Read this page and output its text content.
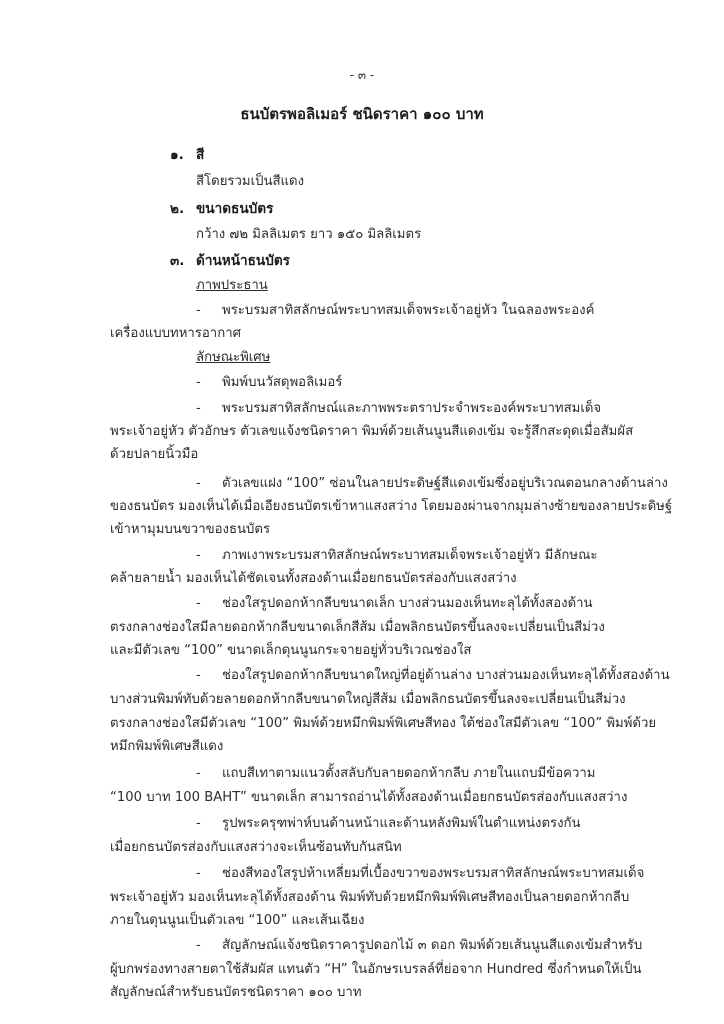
- ๓ -
ธนบัตรพอลิเมอร์ ชนิดราคา ๑๐๐ บาท
๑. สี
สีโดยรวมเป็นสีแดง
๒. ขนาดธนบัตร
กว้าง ๗๒ มิลลิเมตร ยาว ๑๕๐ มิลลิเมตร
๓. ด้านหน้าธนบัตร
ภาพประธาน
- พระบรมสาทิสลักษณ์พระบาทสมเด็จพระเจ้าอยู่หัว ในฉลองพระองค์
เครื่องแบบทหารอากาศ
ลักษณะพิเศษ
- พิมพ์บนวัสดุพอลิเมอร์
- พระบรมสาทิสลักษณ์และภาพพระตราประจำพระองค์พระบาทสมเด็จ
พระเจ้าอยู่หัว ตัวอักษร ตัวเลขแจ้งชนิดราคา พิมพ์ด้วยเส้นนูนสีแดงเข้ม จะรู้สึกสะดุดเมื่อสัมผัส
ด้วยปลายนิ้วมือ
- ตัวเลขแฝง “100” ซ่อนในลายประดิษฐ์สีแดงเข้มซึ่งอยู่บริเวณตอนกลางด้านล่าง
ของธนบัตร มองเห็นได้เมื่อเอียงธนบัตรเข้าหาแสงสว่าง โดยมองผ่านจากมุมล่างซ้ายของลายประดิษฐ์
เข้าหามุมบนขวาของธนบัตร
- ภาพเงาพระบรมสาทิสลักษณ์พระบาทสมเด็จพระเจ้าอยู่หัว มีลักษณะ
คล้ายลายน้ำ มองเห็นได้ชัดเจนทั้งสองด้านเมื่อยกธนบัตรส่องกับแสงสว่าง
- ช่องใสรูปดอกห้ากลีบขนาดเล็ก บางส่วนมองเห็นทะลุได้ทั้งสองด้าน
ตรงกลางช่องใสมีลายดอกห้ากลีบขนาดเล็กสีส้ม เมื่อพลิกธนบัตรขึ้นลงจะเปลี่ยนเป็นสีม่วง
และมีตัวเลข “100” ขนาดเล็กดุนนูนกระจายอยู่ทั่วบริเวณช่องใส
- ช่องใสรูปดอกห้ากลีบขนาดใหญ่ที่อยู่ด้านล่าง บางส่วนมองเห็นทะลุได้ทั้งสองด้าน
บางส่วนพิมพ์ทับด้วยลายดอกห้ากลีบขนาดใหญ่สีส้ม เมื่อพลิกธนบัตรขึ้นลงจะเปลี่ยนเป็นสีม่วง
ตรงกลางช่องใสมีตัวเลข “100” พิมพ์ด้วยหมึกพิมพ์พิเศษสีทอง ใต้ช่องใสมีตัวเลข “100” พิมพ์ด้วย
หมึกพิมพ์พิเศษสีแดง
- แถบสีเทาตามแนวตั้งสลับกับลายดอกห้ากลีบ ภายในแถบมีข้อความ
“100 บาท 100 BAHT” ขนาดเล็ก สามารถอ่านได้ทั้งสองด้านเมื่อยกธนบัตรส่องกับแสงสว่าง
- รูปพระครุฑพ่าห์บนด้านหน้าและด้านหลังพิมพ์ในตำแหน่งตรงกัน
เมื่อยกธนบัตรส่องกับแสงสว่างจะเห็นซ้อนทับกันสนิท
- ช่องสีทองใสรูปห้าเหลี่ยมที่เบื้องขวาของพระบรมสาทิสลักษณ์พระบาทสมเด็จ
พระเจ้าอยู่หัว มองเห็นทะลุได้ทั้งสองด้าน พิมพ์ทับด้วยหมึกพิมพ์พิเศษสีทองเป็นลายดอกห้ากลีบ
ภายในดุนนูนเป็นตัวเลข “100” และเส้นเฉียง
- สัญลักษณ์แจ้งชนิดราคารูปดอกไม้ ๓ ดอก พิมพ์ด้วยเส้นนูนสีแดงเข้มสำหรับ
ผู้บกพร่องทางสายตาใช้สัมผัส แทนตัว “H” ในอักษรเบรลล์ที่ย่อจาก Hundred ซึ่งกำหนดให้เป็น
สัญลักษณ์สำหรับธนบัตรชนิดราคา ๑๐๐ บาท
